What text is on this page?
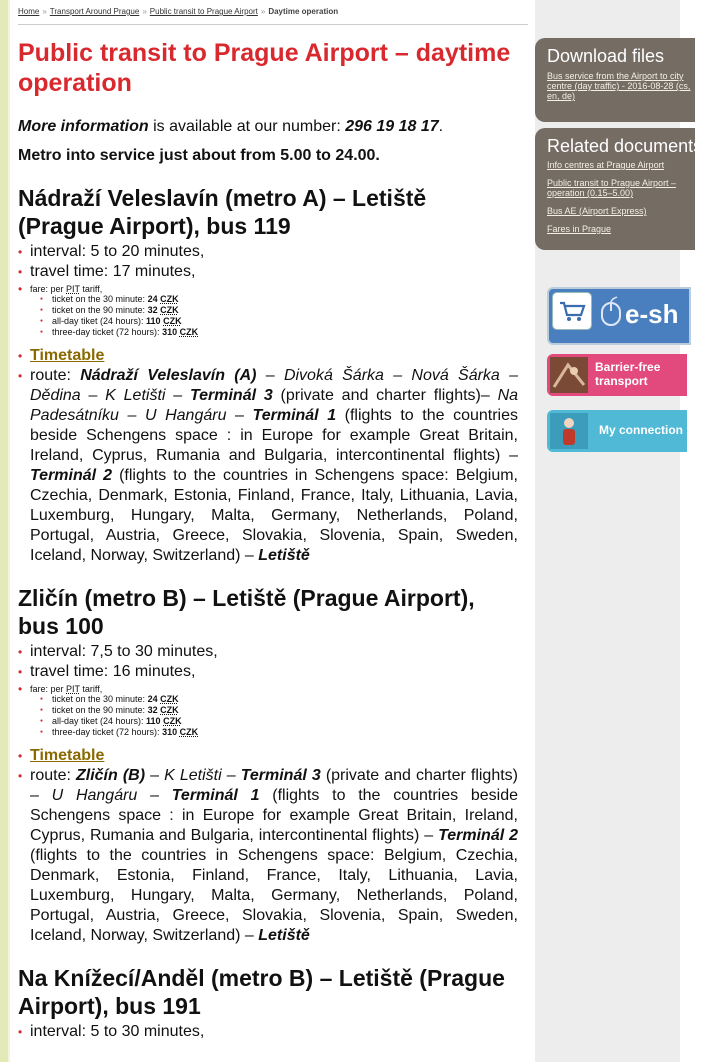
Home » Transport Around Prague » Public transit to Prague Airport » Daytime operation
Public transit to Prague Airport – daytime operation

More information is available at our number: 296 19 18 17.

Metro into service just about from 5.00 to 24.00.

Nádraží Veleslavín (metro A) – Letiště (Prague Airport), bus 119
• interval: 5 to 20 minutes,
• travel time: 17 minutes,
• fare: per PIT tariff,
● ticket on the 30 minute: 24 CZK
● ticket on the 90 minute: 32 CZK
● all-day tiket (24 hours): 110 CZK
● three-day ticket (72 hours): 310 CZK
• Timetable
• route: Nádraží Veleslavín (A) – Divoká Šárka – Nová Šárka – Dědina – K Letišti – Terminál 3 (private and charter flights)– Na Padesátníku – U Hangáru – Terminál 1 (flights to the countries beside Schengens space : in Europe for example Great Britain, Ireland, Cyprus, Rumania and Bulgaria, intercontinental flights) – Terminál 2 (flights to the countries in Schengens space: Belgium, Czechia, Denmark, Estonia, Finland, France, Italy, Lithuania, Lavia, Luxemburg, Hungary, Malta, Germany, Netherlands, Poland, Portugal, Austria, Greece, Slovakia, Slovenia, Spain, Sweden, Iceland, Norway, Switzerland) – Letiště
Zličín (metro B) – Letiště (Prague Airport), bus 100
• interval: 7,5 to 30 minutes,
• travel time: 16 minutes,
• fare: per PIT tariff,
● ticket on the 30 minute: 24 CZK
● ticket on the 90 minute: 32 CZK
● all-day tiket (24 hours): 110 CZK
● three-day ticket (72 hours): 310 CZK
• Timetable
• route: Zličín (B) – K Letišti – Terminál 3 (private and charter flights) – U Hangáru – Terminál 1 (flights to the countries beside Schengens space : in Europe for example Great Britain, Ireland, Cyprus, Rumania and Bulgaria, intercontinental flights) – Terminál 2 (flights to the countries in Schengens space: Belgium, Czechia, Denmark, Estonia, Finland, France, Italy, Lithuania, Lavia, Luxemburg, Hungary, Malta, Germany, Netherlands, Poland, Portugal, Austria, Greece, Slovakia, Slovenia, Spain, Sweden, Iceland, Norway, Switzerland) – Letiště
Na Knížecí/Anděl (metro B) – Letiště (Prague Airport), bus 191
• interval: 5 to 30 minutes,
Download files
Bus service from the Airport to city
centre (day traffic) - 2016-08-28 (cs,
en, de)
Related documents
Info centres at Prague Airport
Public transit to Prague Airport –
operation (0.15–5.00)
Bus AE (Airport Express)
Fares in Prague
e-sh
Barrier-free
transport
My connection
